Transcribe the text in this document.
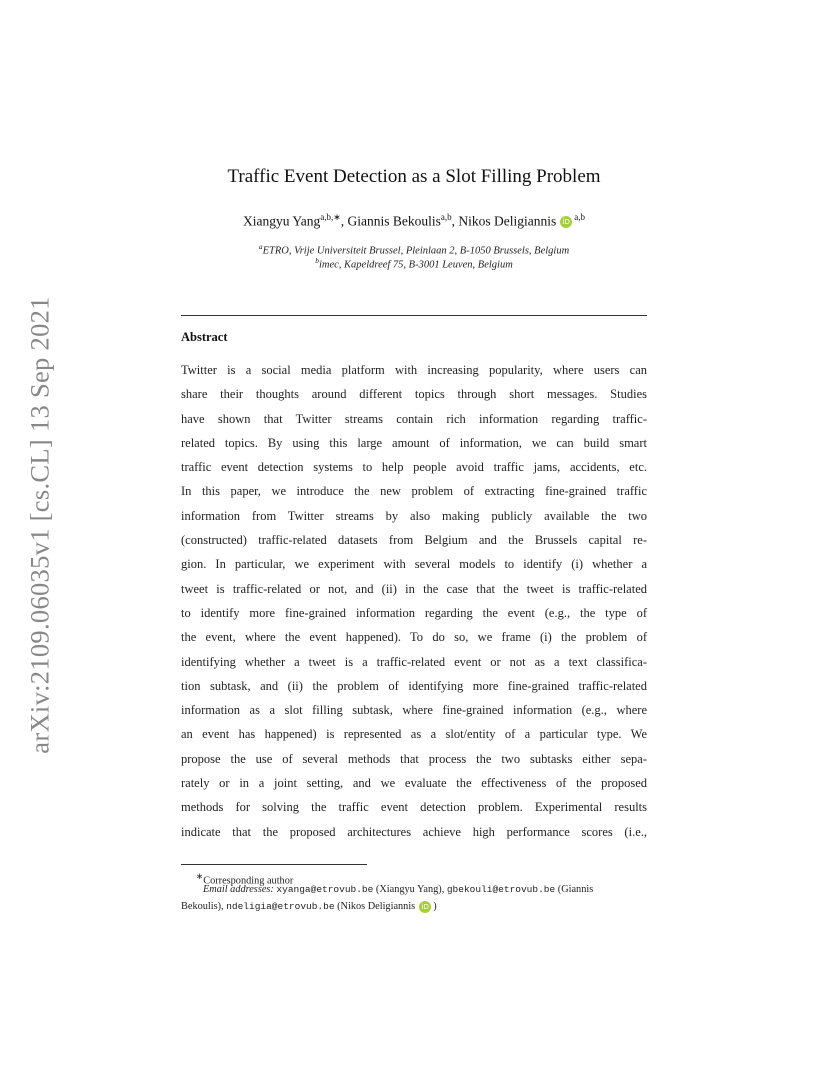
arXiv:2109.06035v1 [cs.CL] 13 Sep 2021
Traffic Event Detection as a Slot Filling Problem
Xiangyu Yang$^{a,b,∗}$, Giannis Bekoulis$^{a,b}$, Nikos Deligiannis iD$^{a,b}$
$^a$ETRO, Vrije Universiteit Brussel, Pleinlaan 2, B-1050 Brussels, Belgium
$^b$imec, Kapeldreef 75, B-3001 Leuven, Belgium
Abstract
Twitter is a social media platform with increasing popularity, where users can
share their thoughts around different topics through short messages. Studies
have shown that Twitter streams contain rich information regarding traffic-
related topics. By using this large amount of information, we can build smart
traffic event detection systems to help people avoid traffic jams, accidents, etc.
In this paper, we introduce the new problem of extracting fine-grained traffic
information from Twitter streams by also making publicly available the two
(constructed) traffic-related datasets from Belgium and the Brussels capital re-
gion. In particular, we experiment with several models to identify (i) whether a
tweet is traffic-related or not, and (ii) in the case that the tweet is traffic-related
to identify more fine-grained information regarding the event (e.g., the type of
the event, where the event happened). To do so, we frame (i) the problem of
identifying whether a tweet is a traffic-related event or not as a text classifica-
tion subtask, and (ii) the problem of identifying more fine-grained traffic-related
information as a slot filling subtask, where fine-grained information (e.g., where
an event has happened) is represented as a slot/entity of a particular type. We
propose the use of several methods that process the two subtasks either sepa-
rately or in a joint setting, and we evaluate the effectiveness of the proposed
methods for solving the traffic event detection problem. Experimental results
indicate that the proposed architectures achieve high performance scores (i.e.,
∗Corresponding author
Email addresses: xyanga@etrovub.be (Xiangyu Yang), gbekouli@etrovub.be (Giannis
Bekoulis), ndeligia@etrovub.be (Nikos Deligiannis iD )
